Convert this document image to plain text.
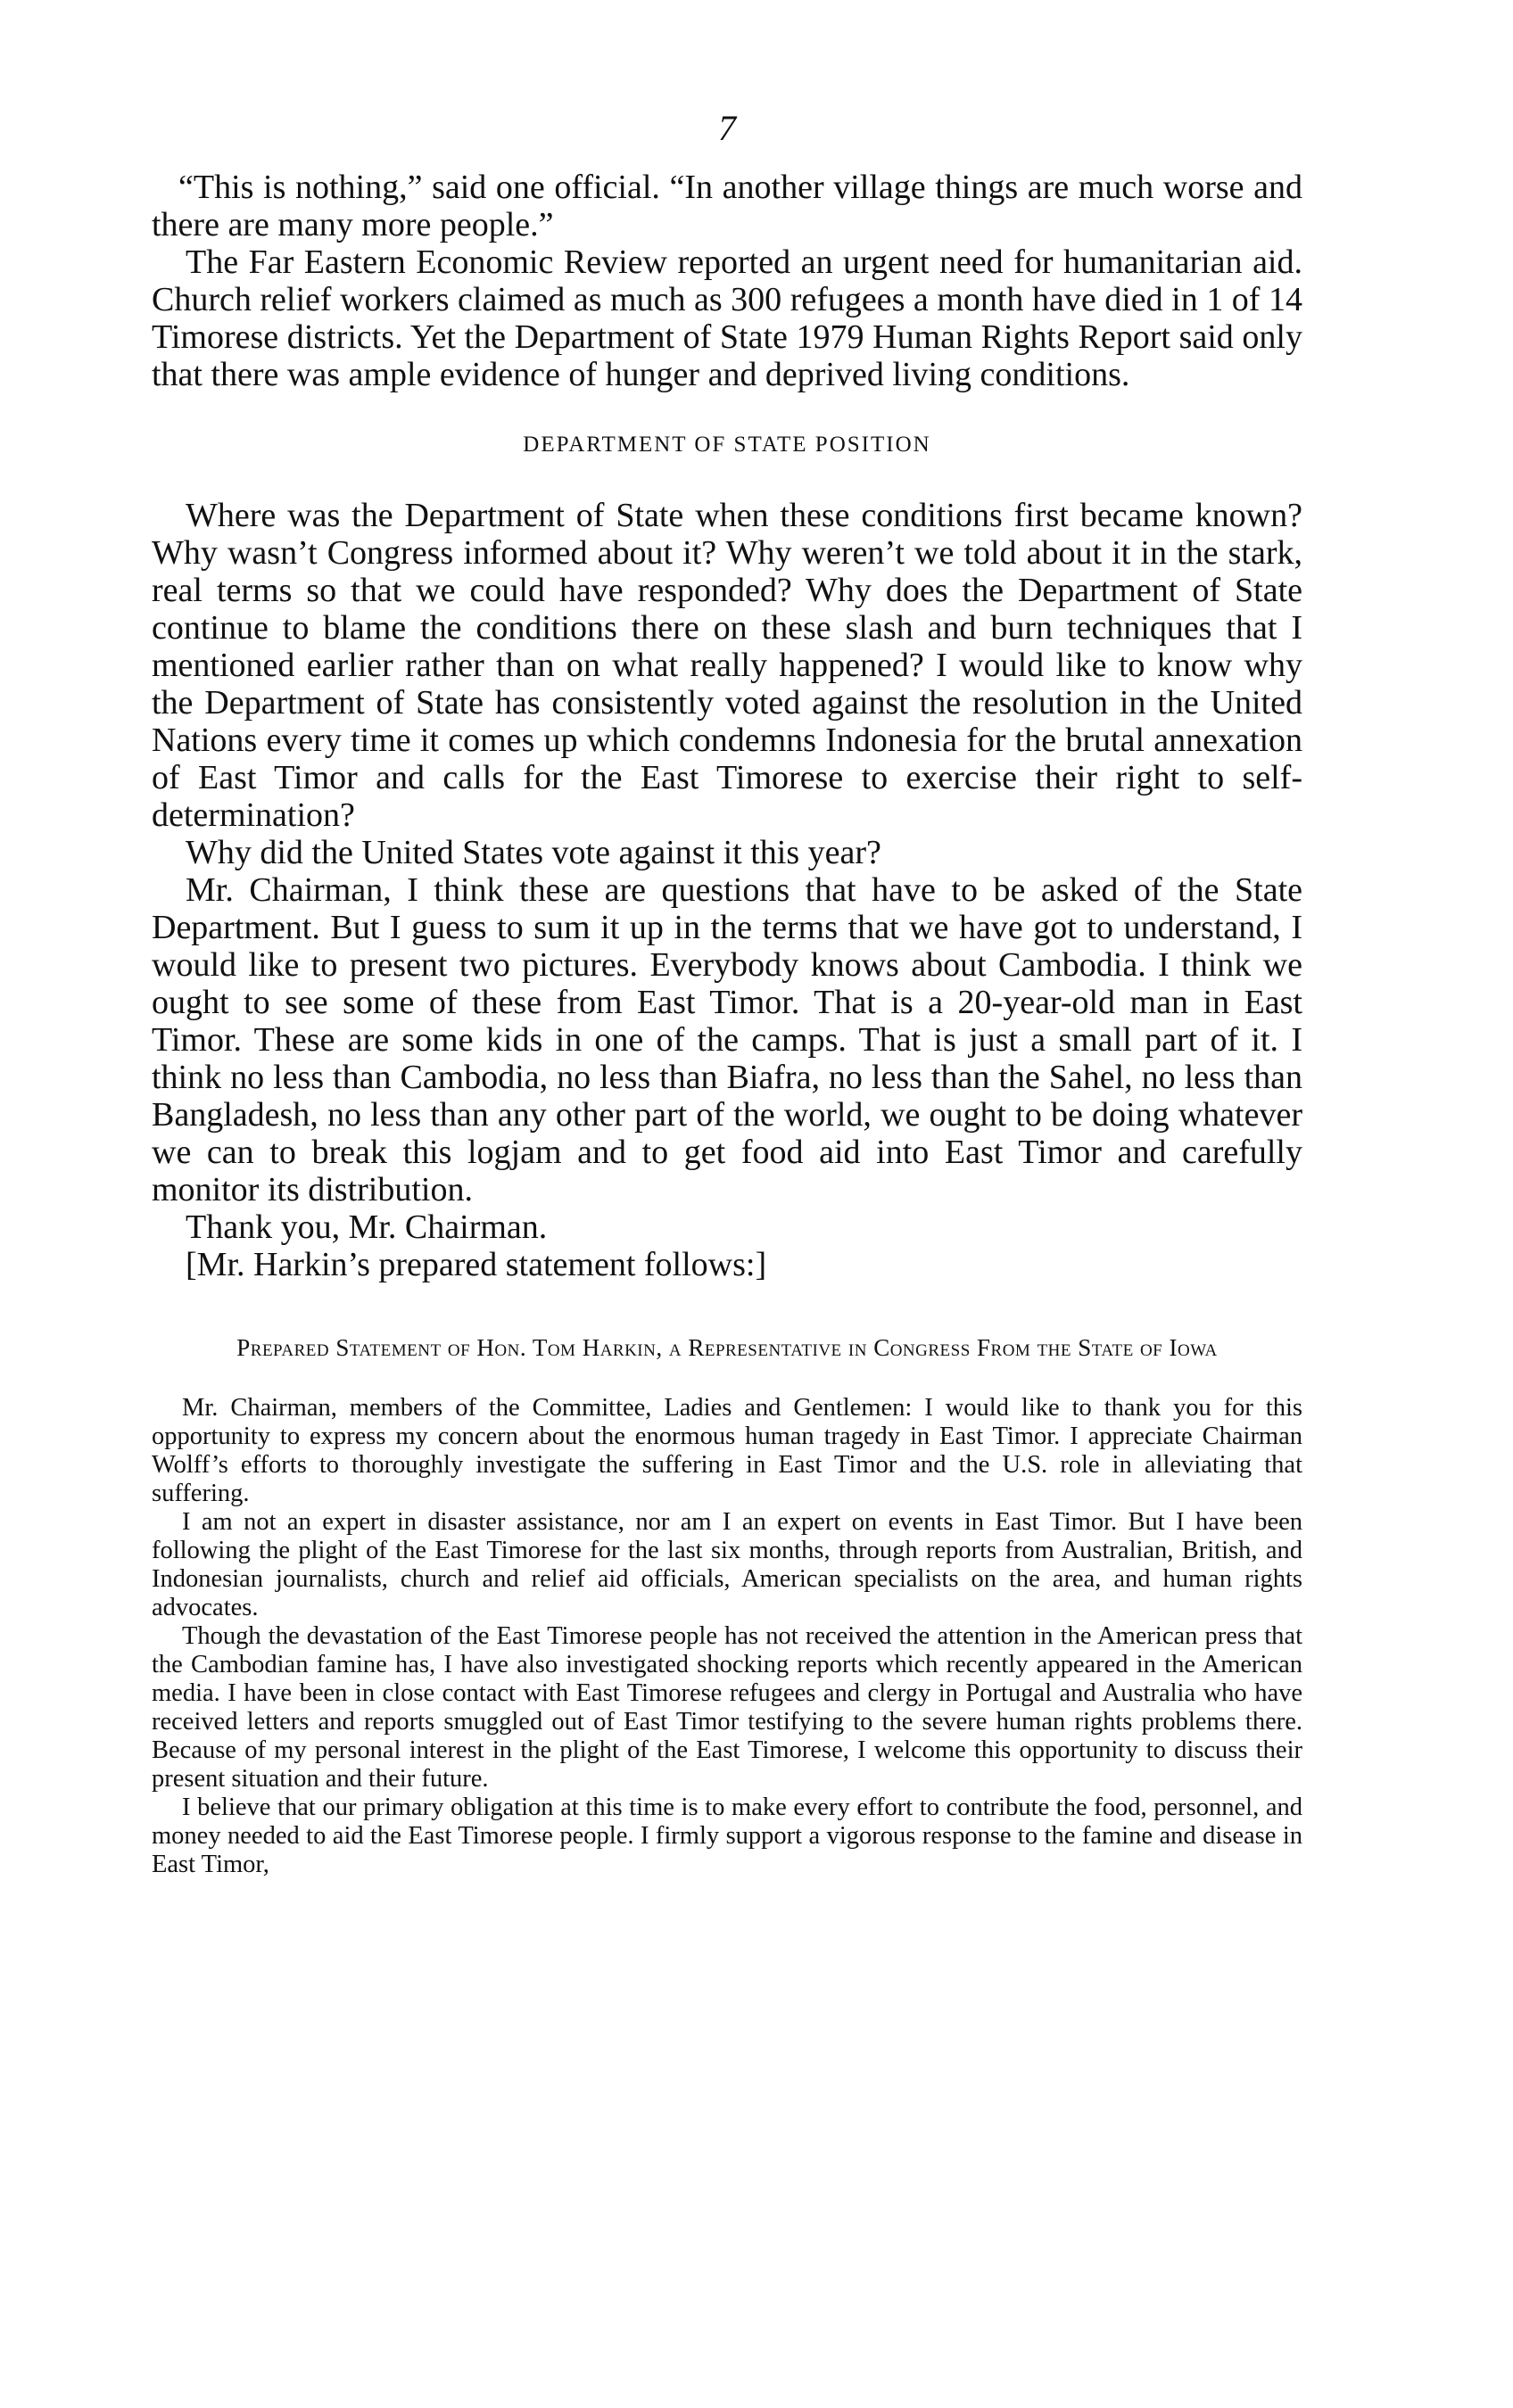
7

“This is nothing,” said one official. “In another village things are much worse and there are many more people.”

The Far Eastern Economic Review reported an urgent need for humanitarian aid. Church relief workers claimed as much as 300 refugees a month have died in 1 of 14 Timorese districts. Yet the Department of State 1979 Human Rights Report said only that there was ample evidence of hunger and deprived living conditions.

DEPARTMENT OF STATE POSITION

Where was the Department of State when these conditions first became known? Why wasn’t Congress informed about it? Why weren’t we told about it in the stark, real terms so that we could have responded? Why does the Department of State continue to blame the conditions there on these slash and burn techniques that I mentioned earlier rather than on what really happened? I would like to know why the Department of State has consistently voted against the resolution in the United Nations every time it comes up which condemns Indonesia for the brutal annexation of East Timor and calls for the East Timorese to exercise their right to self-determination?

Why did the United States vote against it this year?

Mr. Chairman, I think these are questions that have to be asked of the State Department. But I guess to sum it up in the terms that we have got to understand, I would like to present two pictures. Everybody knows about Cambodia. I think we ought to see some of these from East Timor. That is a 20-year-old man in East Timor. These are some kids in one of the camps. That is just a small part of it. I think no less than Cambodia, no less than Biafra, no less than the Sahel, no less than Bangladesh, no less than any other part of the world, we ought to be doing whatever we can to break this logjam and to get food aid into East Timor and carefully monitor its distribution.

Thank you, Mr. Chairman.

[Mr. Harkin’s prepared statement follows:]

Prepared Statement of Hon. Tom Harkin, a Representative in Congress From the State of Iowa

Mr. Chairman, members of the Committee, Ladies and Gentlemen: I would like to thank you for this opportunity to express my concern about the enormous human tragedy in East Timor. I appreciate Chairman Wolff’s efforts to thoroughly investigate the suffering in East Timor and the U.S. role in alleviating that suffering.

I am not an expert in disaster assistance, nor am I an expert on events in East Timor. But I have been following the plight of the East Timorese for the last six months, through reports from Australian, British, and Indonesian journalists, church and relief aid officials, American specialists on the area, and human rights advocates.

Though the devastation of the East Timorese people has not received the attention in the American press that the Cambodian famine has, I have also investigated shocking reports which recently appeared in the American media. I have been in close contact with East Timorese refugees and clergy in Portugal and Australia who have received letters and reports smuggled out of East Timor testifying to the severe human rights problems there. Because of my personal interest in the plight of the East Timorese, I welcome this opportunity to discuss their present situation and their future.

I believe that our primary obligation at this time is to make every effort to contribute the food, personnel, and money needed to aid the East Timorese people. I firmly support a vigorous response to the famine and disease in East Timor,
